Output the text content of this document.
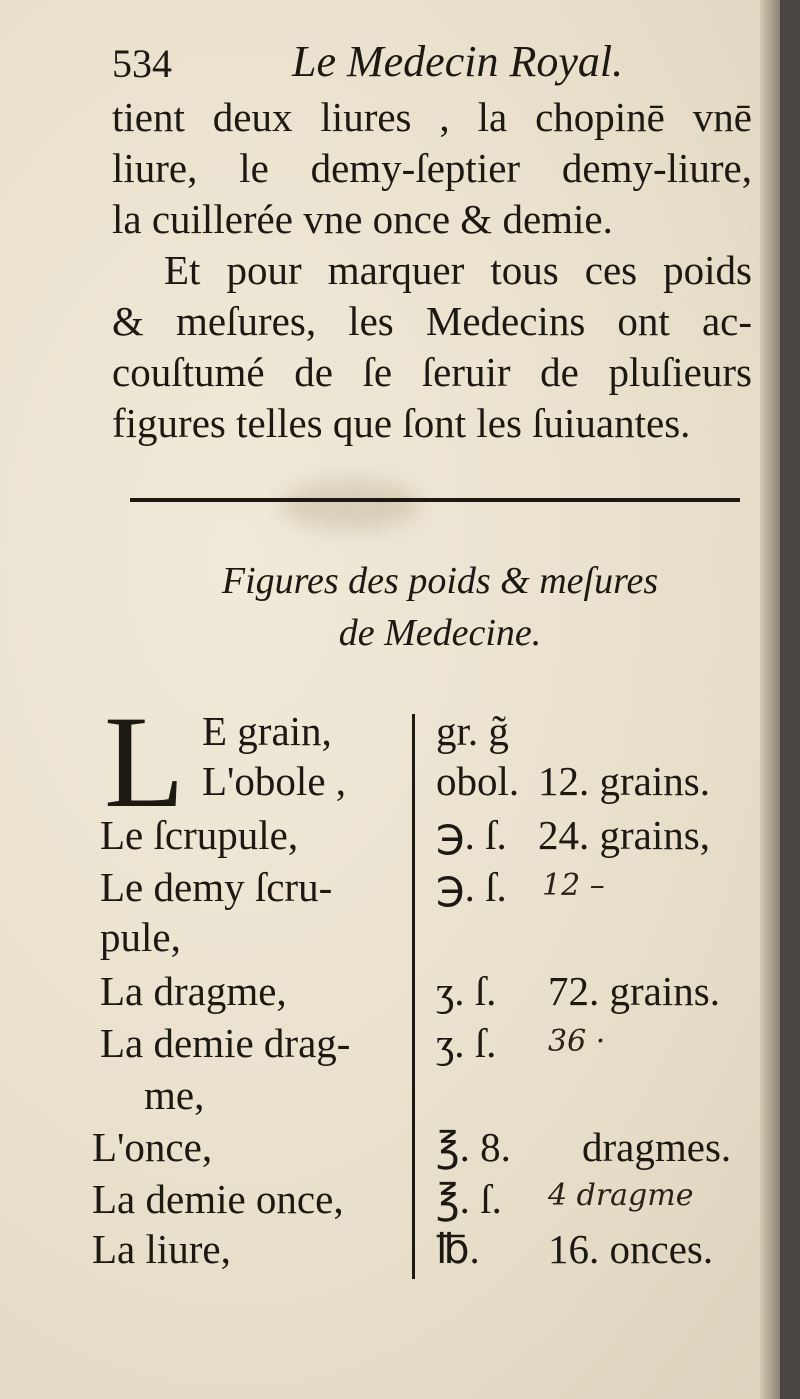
534	Le Medecin Royal.
tient deux liures , la chopinē vnē
liure, le demy-ſeptier demy-liure,
la cuillerée vne once & demie.
Et pour marquer tous ces poids
& meſures, les Medecins ont ac-
couſtumé de ſe ſeruir de pluſieurs
figures telles que ſont les ſuiuantes.
Figures des poids & meſures
de Medecine.
L E grain,	gr. g̃
L'obole , obol. 12. grains.
Le ſcrupule,	℈. ſ. 24. grains,
Le demy ſcru-	℈. ſ. 12 –
pule,
La dragme,	ʒ. ſ. 72. grains.
La demie drag- ʒ. ſ. 36 ·
me,
L'once,	℥. 8. dragmes.
La demie once, ℥. ſ. 4 dragme
La liure,	℔. 16. onces.
